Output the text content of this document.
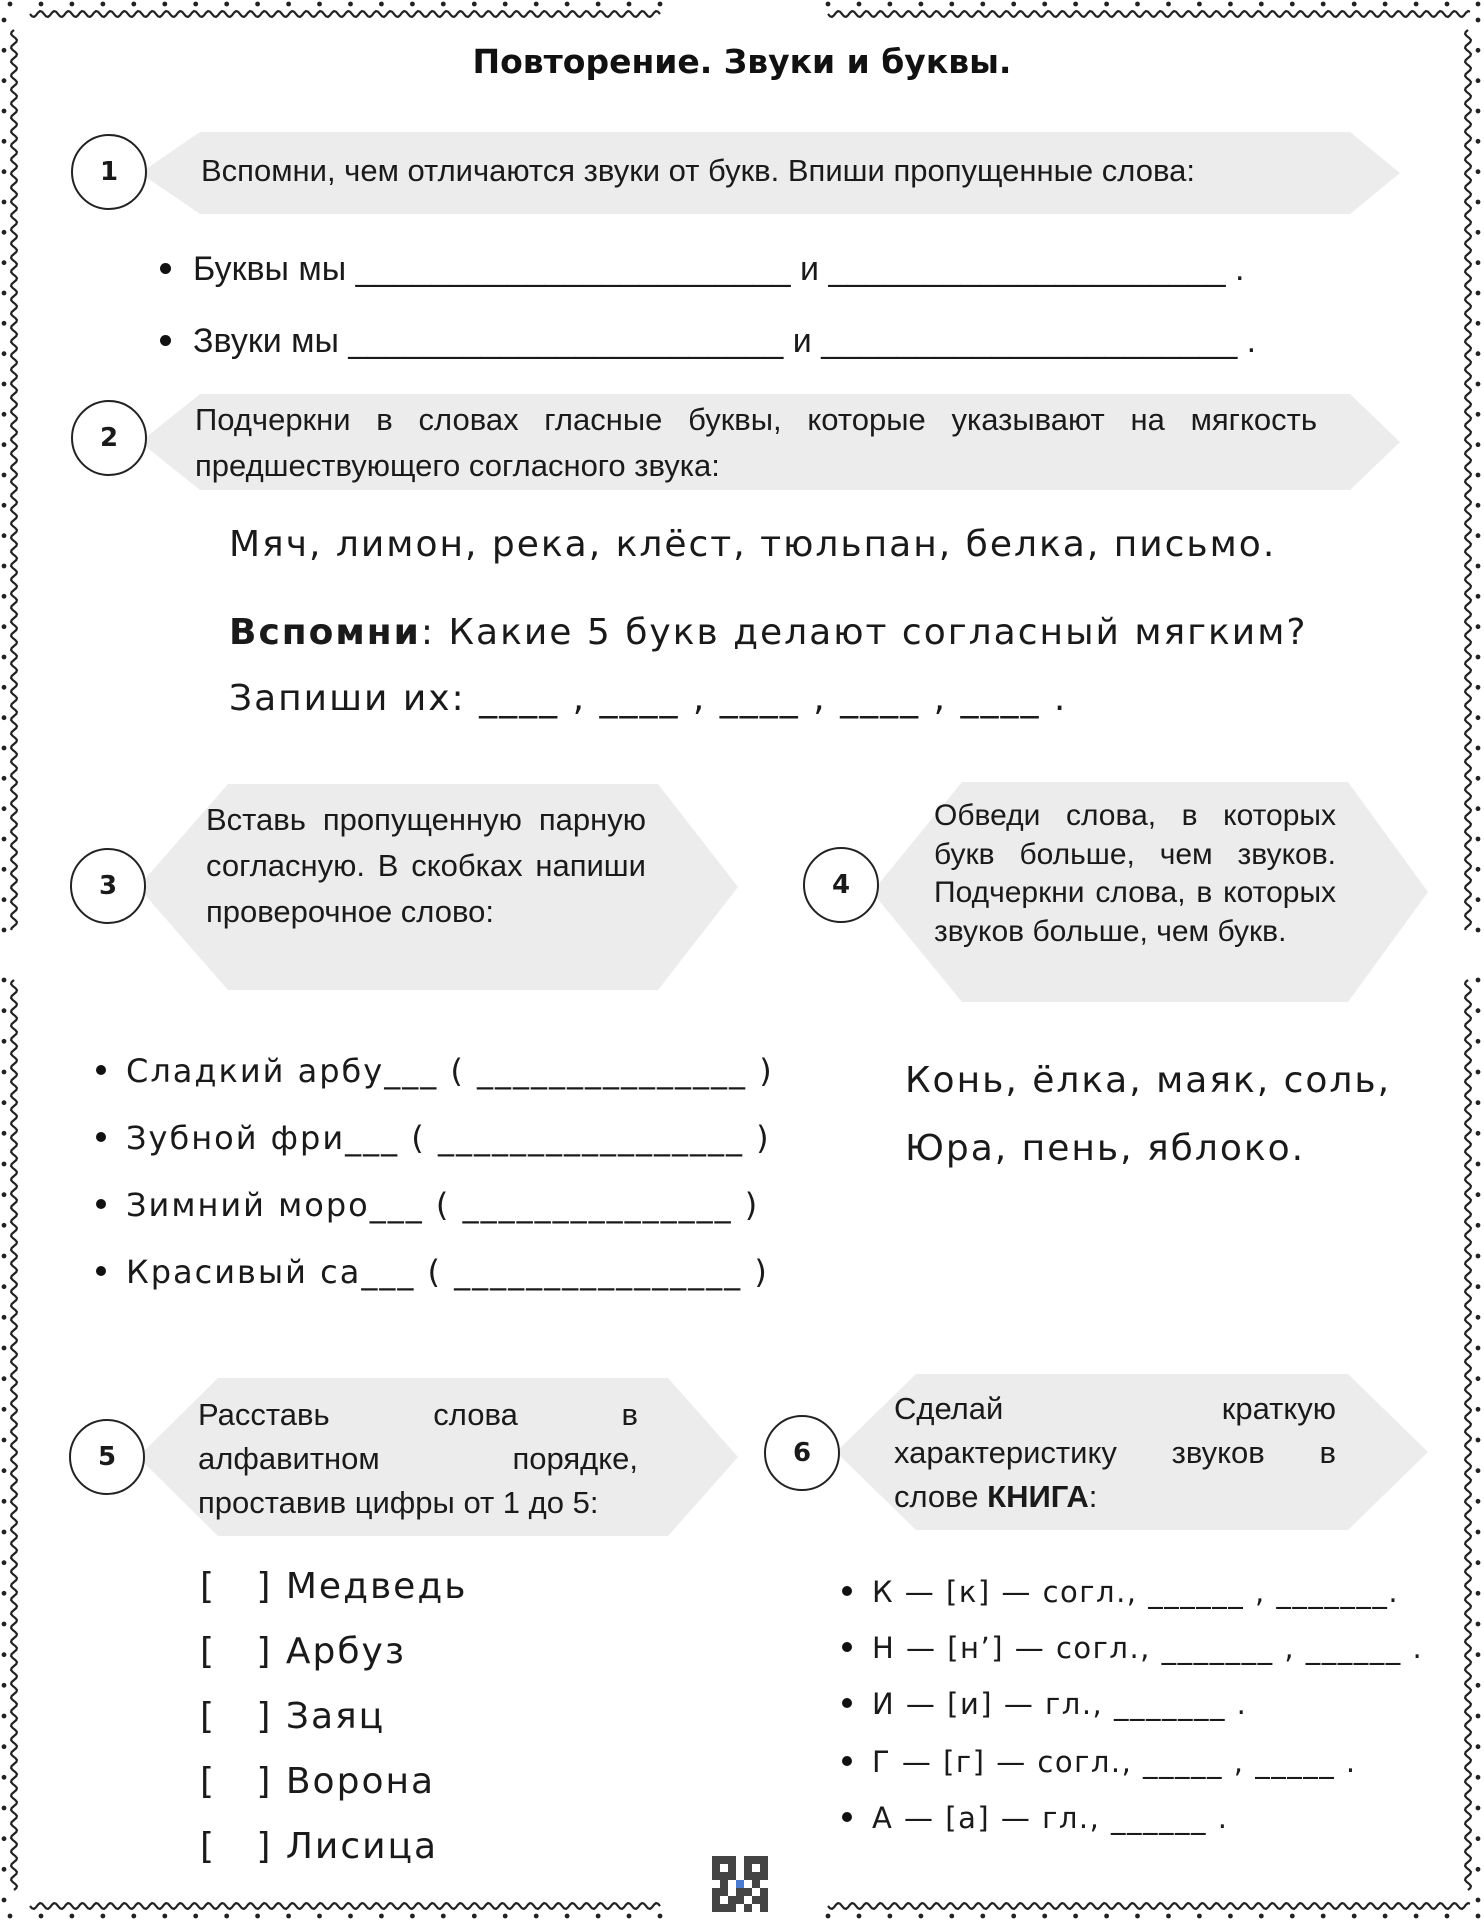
Повторение. Звуки и буквы.
1	Вспомни, чем отличаются звуки от букв. Впиши пропущенные слова:
Буквы мы _______________________ и _____________________ .
Звуки мы _______________________ и ______________________ .
2
Подчеркни в словах гласные буквы, которые указывают на мягкость предшествующего согласного звука:
Мяч, лимон, река, клёст, тюльпан, белка, письмо.
Вспомни: Какие 5 букв делают согласный мягким?
Запиши их: ____ , ____ , ____ , ____ , ____ .
3
Вставь пропущенную парную согласную. В скобках напиши проверочное слово:
4
Обведи слова, в которых букв больше, чем звуков. Подчеркни слова, в которых звуков больше, чем букв.
Сладкий арбу___ ( _______________ )
Зубной фри___ ( _________________ )
Зимний моро___ ( _______________ )
Красивый са___ ( ________________ )
Конь, ёлка, маяк, соль,
Юра, пень, яблоко.
5
Расставь слова в алфавитном порядке, проставив цифры от 1 до 5:
6
Сделай краткую характеристику звуков в слове КНИГА:
[   ] Медведь
[   ] Арбуз
[   ] Заяц
[   ] Ворона
[   ] Лисица
К — [к] — согл., ______ , _______.
Н — [н’] — согл., _______ , ______ .
И — [и] — гл., _______ .
Г — [г] — согл., _____ , _____ .
А — [а] — гл., ______ .
